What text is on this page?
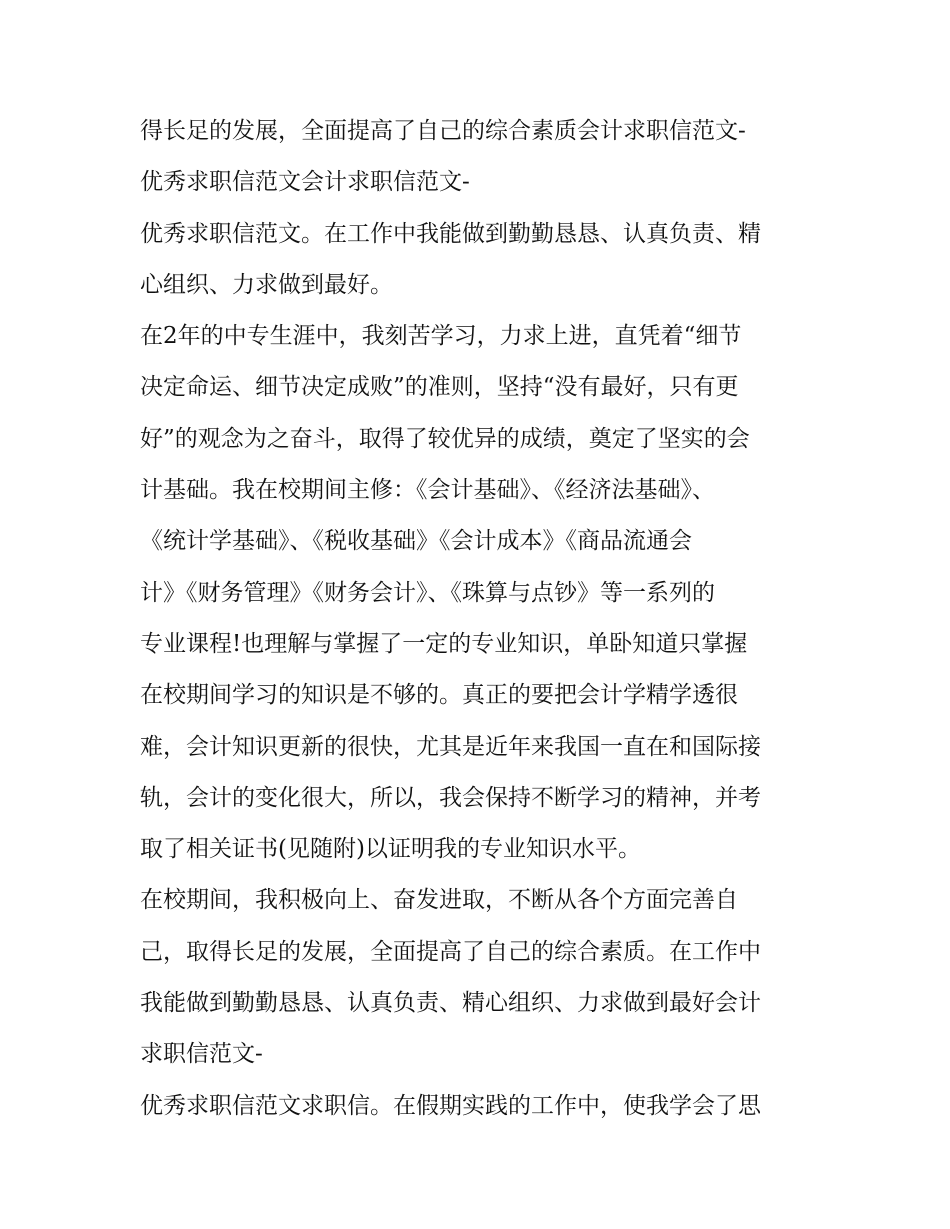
得长足的发展，全面提高了自己的综合素质会计求职信范文-
优秀求职信范文会计求职信范文-
优秀求职信范文。在工作中我能做到勤勤恳恳、认真负责、精
心组织、力求做到最好。
在2年的中专生涯中，我刻苦学习，力求上进，直凭着“细节
决定命运、细节决定成败”的准则，坚持“没有最好，只有更
好”的观念为之奋斗，取得了较优异的成绩，奠定了坚实的会
计基础。我在校期间主修：《会计基础》、《经济法基础》、
《统计学基础》、《税收基础》《会计成本》《商品流通会
计》《财务管理》《财务会计》、《珠算与点钞》等一系列的
专业课程!也理解与掌握了一定的专业知识，单卧知道只掌握
在校期间学习的知识是不够的。真正的要把会计学精学透很
难，会计知识更新的很快，尤其是近年来我国一直在和国际接
轨，会计的变化很大，所以，我会保持不断学习的精神，并考
取了相关证书(见随附)以证明我的专业知识水平。
在校期间，我积极向上、奋发进取，不断从各个方面完善自
己，取得长足的发展，全面提高了自己的综合素质。在工作中
我能做到勤勤恳恳、认真负责、精心组织、力求做到最好会计
求职信范文-
优秀求职信范文求职信。在假期实践的工作中，使我学会了思
